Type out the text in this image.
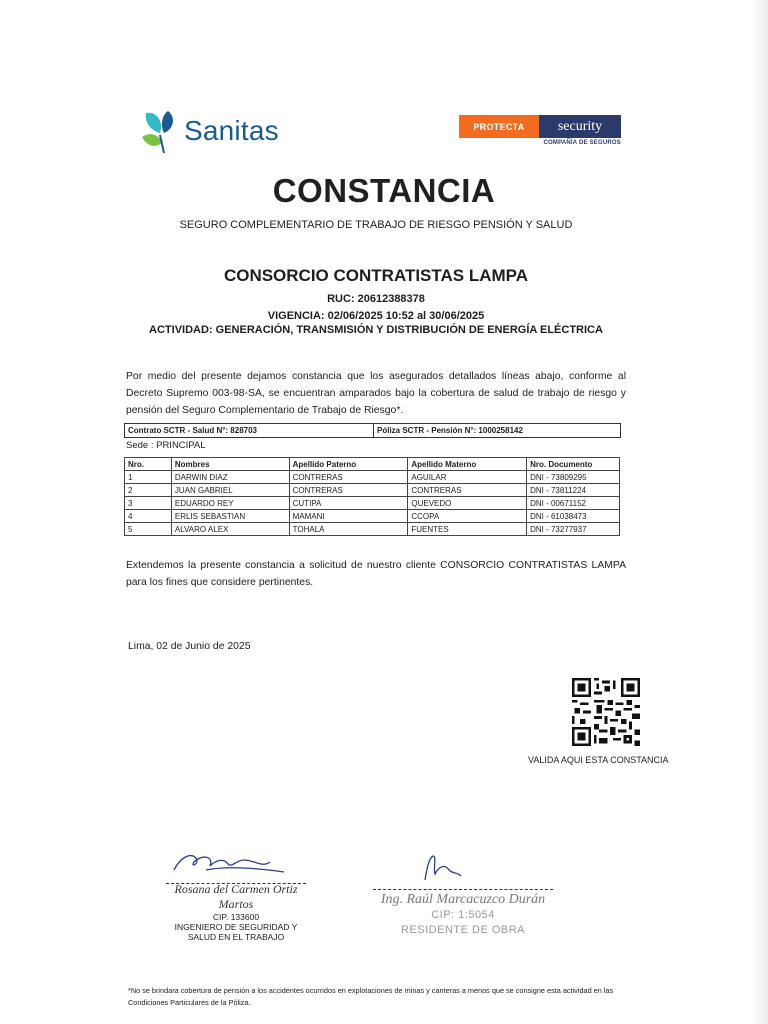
Sanitas	PROTECTA	security
COMPAÑÍA DE SEGUROS
CONSTANCIA
SEGURO COMPLEMENTARIO DE TRABAJO DE RIESGO PENSIÓN Y SALUD
CONSORCIO CONTRATISTAS LAMPA
RUC: 20612388378
VIGENCIA: 02/06/2025 10:52 al 30/06/2025
ACTIVIDAD: GENERACIÓN, TRANSMISIÓN Y DISTRIBUCIÓN DE ENERGÍA ELÉCTRICA
Por medio del presente dejamos constancia que los asegurados detallados líneas abajo, conforme al Decreto Supremo 003-98-SA, se encuentran amparados bajo la cobertura de salud de trabajo de riesgo y pensión del Seguro Complementario de Trabajo de Riesgo*.
Contrato SCTR - Salud N°: 828703	Póliza SCTR - Pensión N°: 1000258142
Sede : PRINCIPAL
Nro.	Nombres	Apellido Paterno	Apellido Materno	Nro. Documento
1	DARWIN DIAZ	CONTRERAS	AGUILAR	DNI - 73809295
2	JUAN GABRIEL	CONTRERAS	CONTRERAS	DNI - 73811224
3	EDUARDO REY	CUTIPA	QUEVEDO	DNI - 00671152
4	ERLIS SEBASTIAN	MAMANI	CCOPA	DNI - 61038473
5	ALVARO ALEX	TOHALA	FUENTES	DNI - 73277937
Extendemos la presente constancia a solicitud de nuestro cliente CONSORCIO CONTRATISTAS LAMPA para los fines que considere pertinentes.
Lima, 02 de Junio de 2025
VALIDA AQUI ESTA CONSTANCIA
Rosana del Carmen Ortiz Martos
CIP. 133600
INGENIERO DE SEGURIDAD Y
SALUD EN EL TRABAJO
Ing. Raúl Marcacuzco Durán
CIP: 1:5054
RESIDENTE DE OBRA
*No se brindara cobertura de pensión a los accidentes ocurridos en explotaciones de minas y canteras a menos que se consigne esta actividad en las Condiciones Particulares de la Póliza.
